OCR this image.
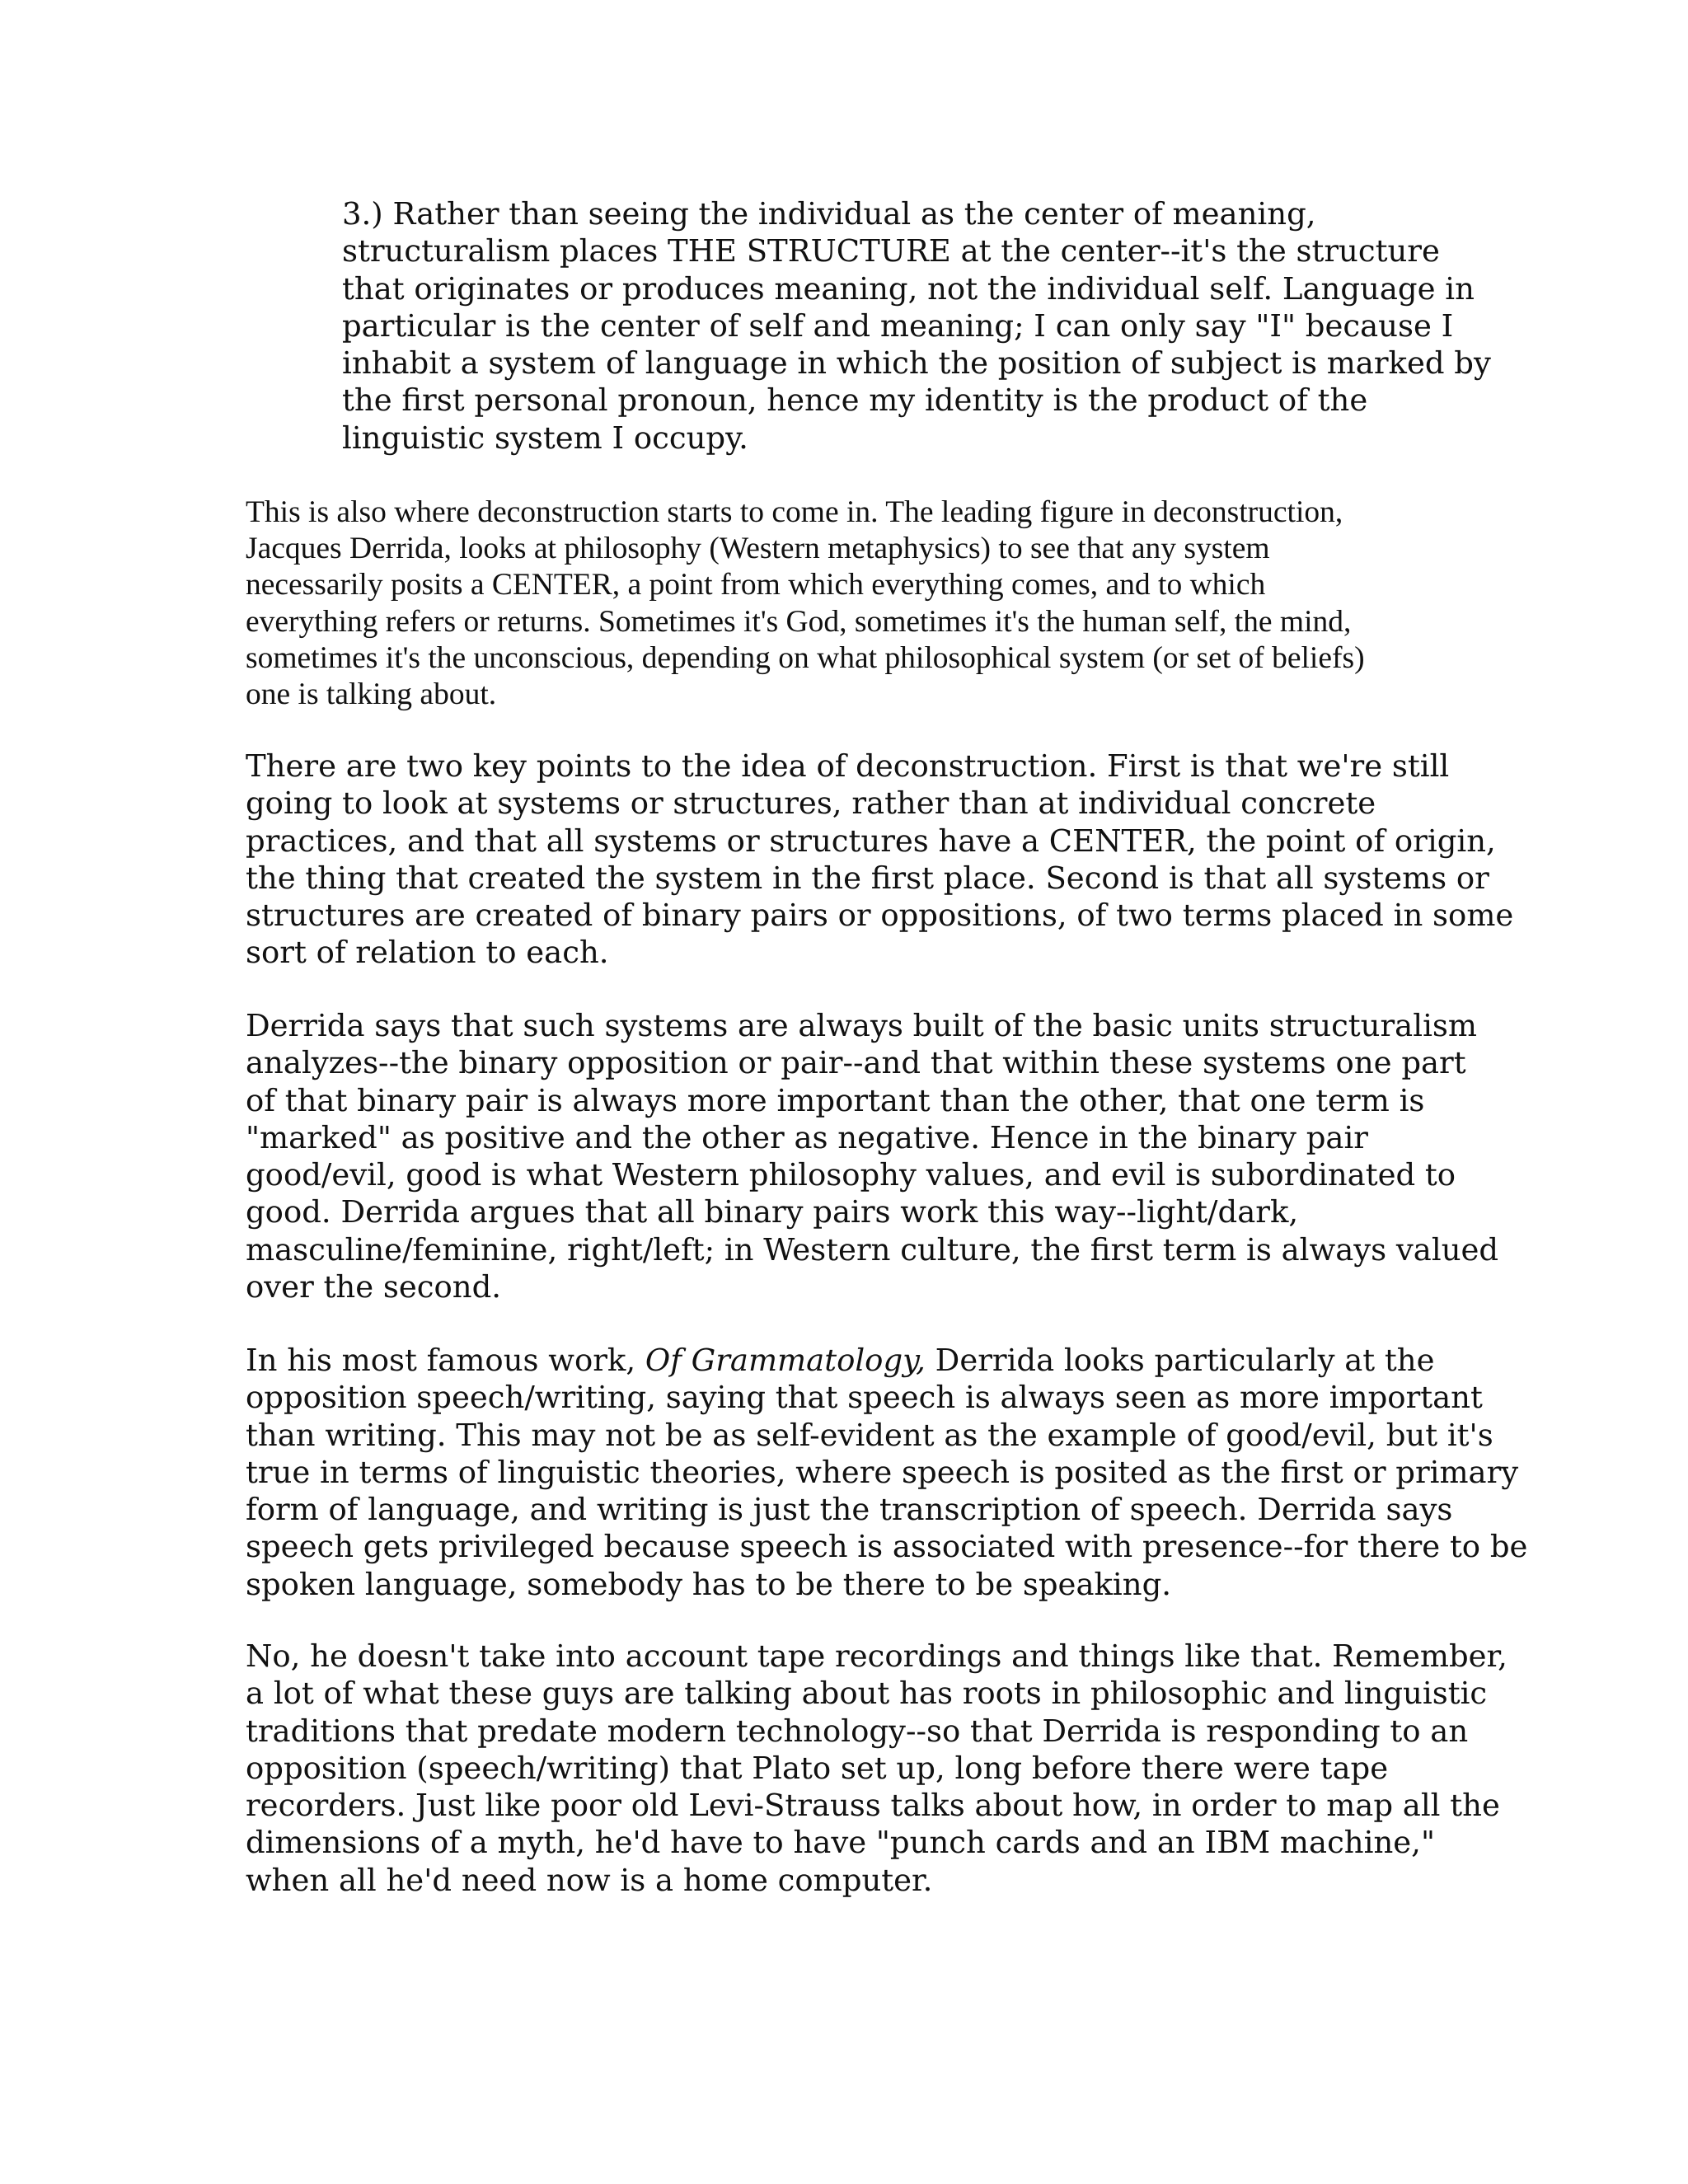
3.) Rather than seeing the individual as the center of meaning,
structuralism places THE STRUCTURE at the center--it's the structure
that originates or produces meaning, not the individual self. Language in
particular is the center of self and meaning; I can only say "I" because I
inhabit a system of language in which the position of subject is marked by
the first personal pronoun, hence my identity is the product of the
linguistic system I occupy.

This is also where deconstruction starts to come in. The leading figure in deconstruction,
Jacques Derrida, looks at philosophy (Western metaphysics) to see that any system
necessarily posits a CENTER, a point from which everything comes, and to which
everything refers or returns. Sometimes it's God, sometimes it's the human self, the mind,
sometimes it's the unconscious, depending on what philosophical system (or set of beliefs)
one is talking about.

There are two key points to the idea of deconstruction. First is that we're still
going to look at systems or structures, rather than at individual concrete
practices, and that all systems or structures have a CENTER, the point of origin,
the thing that created the system in the first place. Second is that all systems or
structures are created of binary pairs or oppositions, of two terms placed in some
sort of relation to each.

Derrida says that such systems are always built of the basic units structuralism
analyzes--the binary opposition or pair--and that within these systems one part
of that binary pair is always more important than the other, that one term is
"marked" as positive and the other as negative. Hence in the binary pair
good/evil, good is what Western philosophy values, and evil is subordinated to
good. Derrida argues that all binary pairs work this way--light/dark,
masculine/feminine, right/left; in Western culture, the first term is always valued
over the second.

In his most famous work, Of Grammatology, Derrida looks particularly at the
opposition speech/writing, saying that speech is always seen as more important
than writing. This may not be as self-evident as the example of good/evil, but it's
true in terms of linguistic theories, where speech is posited as the first or primary
form of language, and writing is just the transcription of speech. Derrida says
speech gets privileged because speech is associated with presence--for there to be
spoken language, somebody has to be there to be speaking.

No, he doesn't take into account tape recordings and things like that. Remember,
a lot of what these guys are talking about has roots in philosophic and linguistic
traditions that predate modern technology--so that Derrida is responding to an
opposition (speech/writing) that Plato set up, long before there were tape
recorders. Just like poor old Levi-Strauss talks about how, in order to map all the
dimensions of a myth, he'd have to have "punch cards and an IBM machine,"
when all he'd need now is a home computer.
